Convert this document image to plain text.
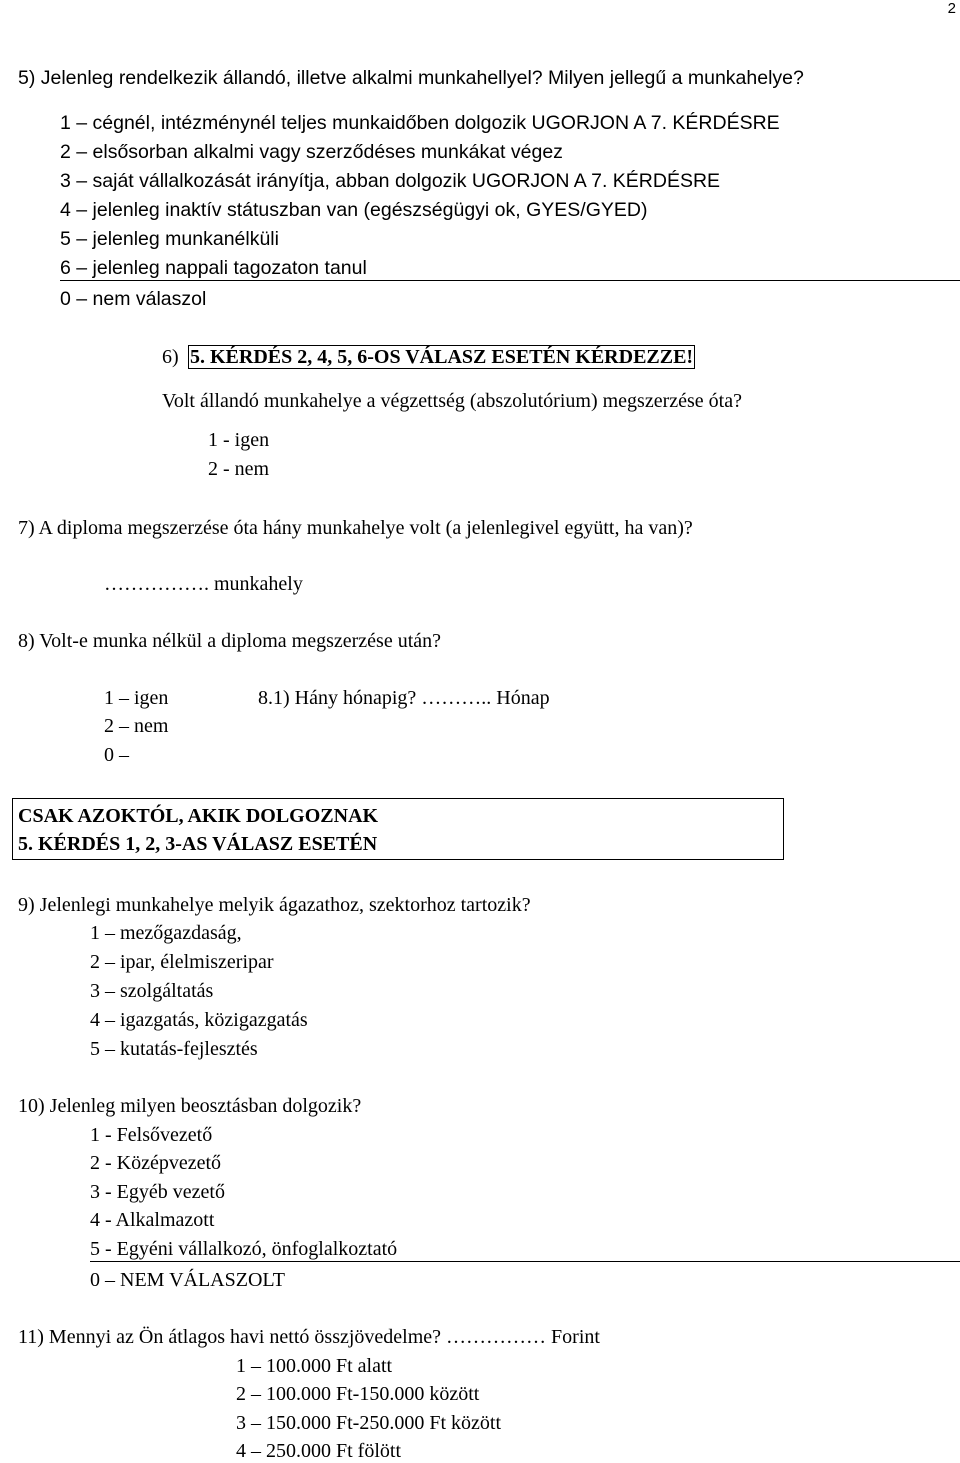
2
5) Jelenleg rendelkezik állandó, illetve alkalmi munkahellyel? Milyen jellegű a munkahelye?
1 – cégnél, intézménynél teljes munkaidőben dolgozik UGORJON A 7. KÉRDÉSRE
2 – elsősorban alkalmi vagy szerződéses munkákat végez
3 – saját vállalkozását irányítja, abban dolgozik UGORJON A 7. KÉRDÉSRE
4 – jelenleg inaktív státuszban van (egészségügyi ok, GYES/GYED)
5 – jelenleg munkanélküli
6 – jelenleg nappali tagozaton tanul
0 – nem válaszol
6) 5. KÉRDÉS 2, 4, 5, 6-OS VÁLASZ ESETÉN KÉRDEZZE!
Volt állandó munkahelye a végzettség (abszolutórium) megszerzése óta?
1 - igen
2 - nem
7) A diploma megszerzése óta hány munkahelye volt (a jelenlegivel együtt, ha van)?
……………. munkahely
8) Volt-e munka nélkül a diploma megszerzése után?
1 – igen	8.1) Hány hónapig? ……….. Hónap
2 – nem
0 –
CSAK AZOKTÓL, AKIK DOLGOZNAK
5. KÉRDÉS 1, 2, 3-AS VÁLASZ ESETÉN
9) Jelenlegi munkahelye melyik ágazathoz, szektorhoz tartozik?
1 – mezőgazdaság,
2 – ipar, élelmiszeripar
3 – szolgáltatás
4 – igazgatás, közigazgatás
5 – kutatás-fejlesztés
10) Jelenleg milyen beosztásban dolgozik?
1 - Felsővezető
2 - Középvezető
3 - Egyéb vezető
4 - Alkalmazott
5 - Egyéni vállalkozó, önfoglalkoztató
0 – NEM VÁLASZOLT
11) Mennyi az Ön átlagos havi nettó összjövedelme? …………… Forint
1 – 100.000 Ft alatt
2 – 100.000 Ft-150.000 között
3 – 150.000 Ft-250.000 Ft között
4 – 250.000 Ft fölött
